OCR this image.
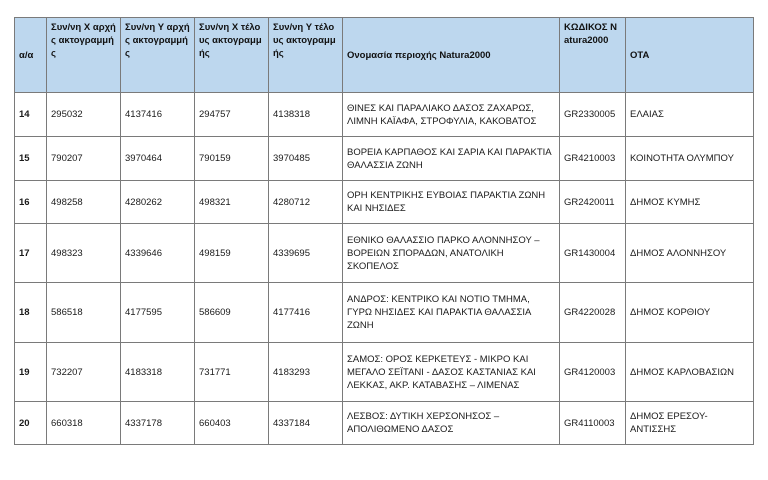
α/α	Συν/νη Χ αρχής ακτογραμμής	Συν/νη Υ αρχής ακτογραμμής	Συν/νη Χ τέλους ακτογραμμής	Συν/νη Υ τέλους ακτογραμμής	Ονομασία περιοχής Natura2000	ΚΩΔΙΚΟΣ Natura2000	ΟΤΑ
14	295032	4137416	294757	4138318	ΘΙΝΕΣ ΚΑΙ ΠΑΡΑΛΙΑΚΟ ΔΑΣΟΣ ΖΑΧΑΡΩΣ, ΛΙΜΝΗ ΚΑΪΑΦΑ, ΣΤΡΟΦΥΛΙΑ, ΚΑΚΟΒΑΤΟΣ	GR2330005	ΕΛΑΙΑΣ
15	790207	3970464	790159	3970485	ΒΟΡΕΙΑ ΚΑΡΠΑΘΟΣ ΚΑΙ ΣΑΡΙΑ ΚΑΙ ΠΑΡΑΚΤΙΑ ΘΑΛΑΣΣΙΑ ΖΩΝΗ	GR4210003	ΚΟΙΝΟΤΗΤΑ ΟΛΥΜΠΟΥ
16	498258	4280262	498321	4280712	ΟΡΗ ΚΕΝΤΡΙΚΗΣ ΕΥΒΟΙΑΣ ΠΑΡΑΚΤΙΑ ΖΩΝΗ ΚΑΙ ΝΗΣΙΔΕΣ	GR2420011	ΔΗΜΟΣ ΚΥΜΗΣ
17	498323	4339646	498159	4339695	ΕΘΝΙΚΟ ΘΑΛΑΣΣΙΟ ΠΑΡΚΟ ΑΛΟΝΝΗΣΟΥ – ΒΟΡΕΙΩΝ ΣΠΟΡΑΔΩΝ, ΑΝΑΤΟΛΙΚΗ ΣΚΟΠΕΛΟΣ	GR1430004	ΔΗΜΟΣ ΑΛΟΝΝΗΣΟΥ
18	586518	4177595	586609	4177416	ΑΝΔΡΟΣ: ΚΕΝΤΡΙΚΟ ΚΑΙ ΝΟΤΙΟ ΤΜΗΜΑ, ΓΥΡΩ ΝΗΣΙΔΕΣ ΚΑΙ ΠΑΡΑΚΤΙΑ ΘΑΛΑΣΣΙΑ ΖΩΝΗ	GR4220028	ΔΗΜΟΣ ΚΟΡΘΙΟΥ
19	732207	4183318	731771	4183293	ΣΑΜΟΣ: ΟΡΟΣ ΚΕΡΚΕΤΕΥΣ - ΜΙΚΡΟ ΚΑΙ ΜΕΓΑΛΟ ΣΕΪΤΑΝΙ - ΔΑΣΟΣ ΚΑΣΤΑΝΙΑΣ ΚΑΙ ΛΕΚΚΑΣ, ΑΚΡ. ΚΑΤΑΒΑΣΗΣ – ΛΙΜΕΝΑΣ	GR4120003	ΔΗΜΟΣ ΚΑΡΛΟΒΑΣΙΩΝ
20	660318	4337178	660403	4337184	ΛΕΣΒΟΣ: ΔΥΤΙΚΗ ΧΕΡΣΟΝΗΣΟΣ – ΑΠΟΛΙΘΩΜΕΝΟ ΔΑΣΟΣ	GR4110003	ΔΗΜΟΣ ΕΡΕΣΟΥ-ΑΝΤΙΣΣΗΣ
